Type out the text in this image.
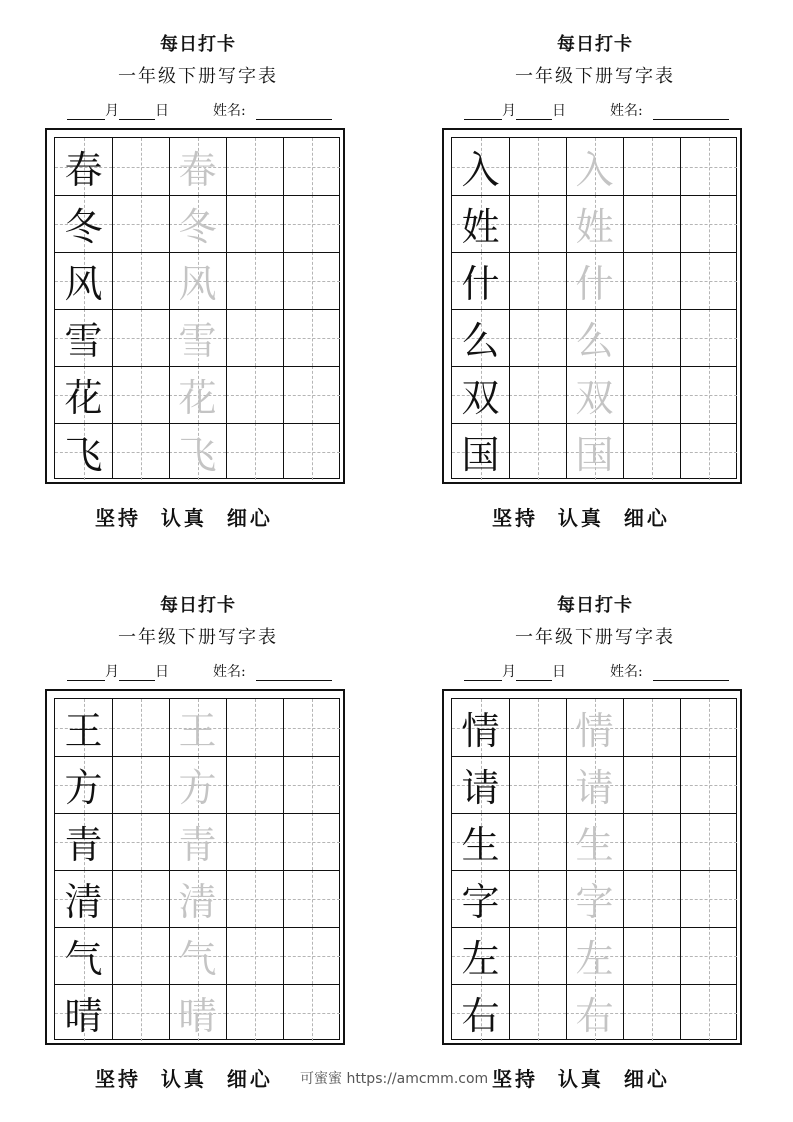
每日打卡
一年级下册写字表
月	日	姓名:
春 春
冬 冬
风 风
雪 雪
花 花
飞 飞
坚持  认真  细心
每日打卡
一年级下册写字表
月	日	姓名:
入 入
姓 姓
什 什
么 么
双 双
国 国
坚持  认真  细心
每日打卡
一年级下册写字表
月	日	姓名:
王 王
方 方
青 青
清 清
气 气
晴 晴
坚持  认真  细心
每日打卡
一年级下册写字表
月	日	姓名:
情 情
请 请
生 生
字 字
左 左
右 右
坚持  认真  细心
可蜜蜜 https://amcmm.com
